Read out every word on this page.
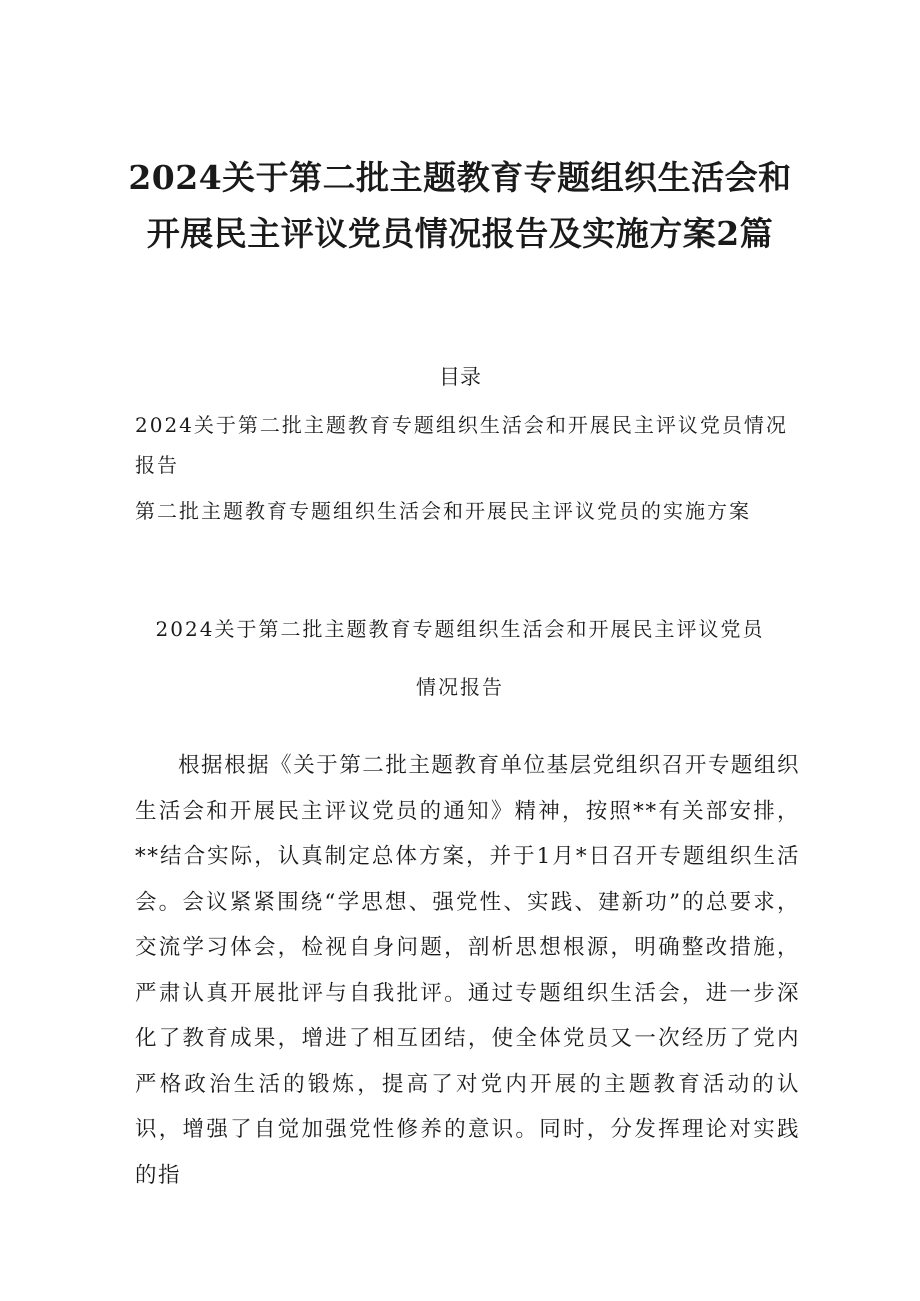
2024关于第二批主题教育专题组织生活会和开展民主评议党员情况报告及实施方案2篇
目录
2024关于第二批主题教育专题组织生活会和开展民主评议党员情况报告
第二批主题教育专题组织生活会和开展民主评议党员的实施方案
2024关于第二批主题教育专题组织生活会和开展民主评议党员情况报告

根据根据《关于第二批主题教育单位基层党组织召开专题组织生活会和开展民主评议党员的通知》精神，按照**有关部安排，**结合实际，认真制定总体方案，并于1月*日召开专题组织生活会。会议紧紧围绕“学思想、强党性、实践、建新功”的总要求，交流学习体会，检视自身问题，剖析思想根源，明确整改措施，严肃认真开展批评与自我批评。通过专题组织生活会，进一步深化了教育成果，增进了相互团结，使全体党员又一次经历了党内严格政治生活的锻炼，提高了对党内开展的主题教育活动的认识，增强了自觉加强党性修养的意识。同时，分发挥理论对实践的指
